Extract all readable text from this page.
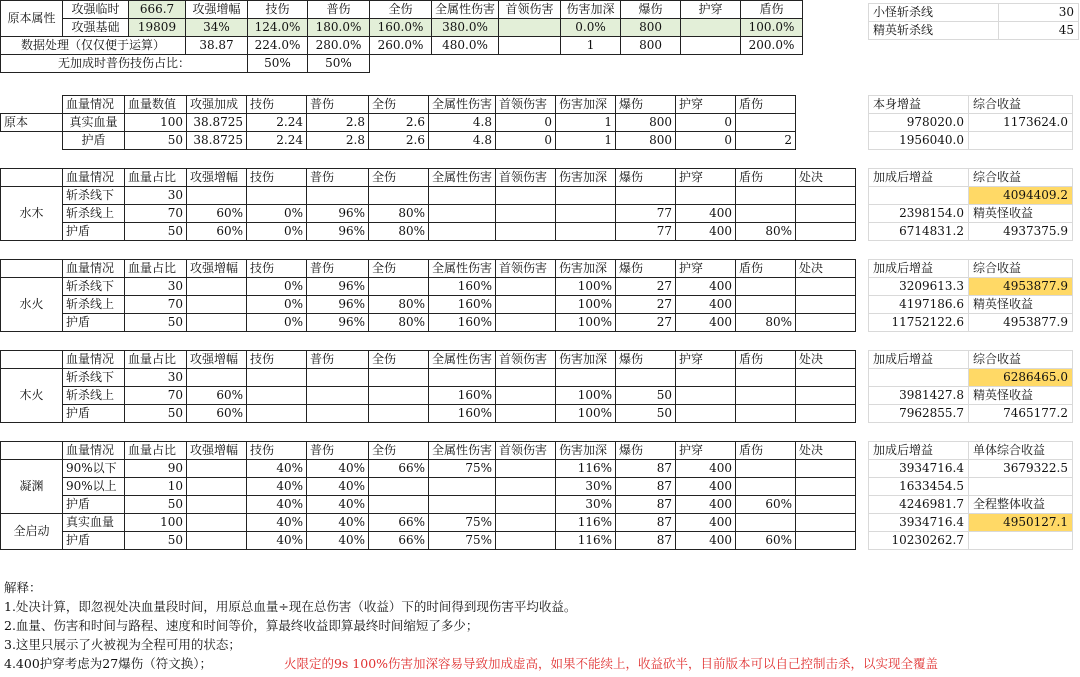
原本属性	攻强临时	666.7	攻强增幅	技伤	普伤	全伤	全属性伤害	首领伤害	伤害加深	爆伤	护穿	盾伤
	攻强基础	19809	34%	124.0%	180.0%	160.0%	380.0%		0.0%	800		100.0%
数据处理（仅仅便于运算）			38.87	224.0%	280.0%	260.0%	480.0%		1	800		200.0%
无加成时普伤技伤占比：				50%	50%							
小怪斩杀线	30
精英斩杀线	45
	血量情况	血量数值	攻强加成	技伤	普伤	全伤	全属性伤害	首领伤害	伤害加深	爆伤	护穿	盾伤
原本	真实血量	100	38.8725	2.24	2.8	2.6	4.8	0	1	800	0	
	护盾	50	38.8725	2.24	2.8	2.6	4.8	0	1	800	0	2
本身增益	综合收益
978020.0	1173624.0
1956040.0	
	血量情况	血量占比	攻强增幅	技伤	普伤	全伤	全属性伤害	首领伤害	伤害加深	爆伤	护穿	盾伤	处决
水木	斩杀线下	30											
	斩杀线上	70	60%	0%	96%	80%				77	400		
	护盾	50	60%	0%	96%	80%				77	400	80%	
	血量情况	血量占比	攻强增幅	技伤	普伤	全伤	全属性伤害	首领伤害	伤害加深	爆伤	护穿	盾伤	处决
水火	斩杀线下	30		0%	96%		160%		100%	27	400		
	斩杀线上	70		0%	96%	80%	160%		100%	27	400		
	护盾	50		0%	96%	80%	160%		100%	27	400	80%	
	血量情况	血量占比	攻强增幅	技伤	普伤	全伤	全属性伤害	首领伤害	伤害加深	爆伤	护穿	盾伤	处决
木火	斩杀线下	30											
	斩杀线上	70	60%				160%		100%	50			
	护盾	50	60%				160%		100%	50			
	血量情况	血量占比	攻强增幅	技伤	普伤	全伤	全属性伤害	首领伤害	伤害加深	爆伤	护穿	盾伤	处决
凝渊	90%以下	90		40%	40%	66%	75%		116%	87	400		
	90%以上	10		40%	40%				30%	87	400		
	护盾	50		40%	40%				30%	87	400	60%	
全启动	真实血量	100		40%	40%	66%	75%		116%	87	400		
	护盾	50		40%	40%	66%	75%		116%	87	400	60%	
加成后增益	综合收益
	4094409.2
2398154.0	精英怪收益
6714831.2	4937375.9
加成后增益	综合收益
3209613.3	4953877.9
4197186.6	精英怪收益
11752122.6	4953877.9
加成后增益	综合收益
	6286465.0
3981427.8	精英怪收益
7962855.7	7465177.2
加成后增益	单体综合收益
3934716.4	3679322.5
1633454.5	
4246981.7	全程整体收益
3934716.4	4950127.1
10230262.7	
解释：
1.处决计算，即忽视处决血量段时间，用原总血量÷现在总伤害（收益）下的时间得到现伤害平均收益。
2.血量、伤害和时间与路程、速度和时间等价，算最终收益即算最终时间缩短了多少；
3.这里只展示了火被视为全程可用的状态；
4.400护穿考虑为27爆伤（符文换）；	火限定的9s 100%伤害加深容易导致加成虚高，如果不能续上，收益砍半，目前版本可以自己控制击杀，以实现全覆盖
